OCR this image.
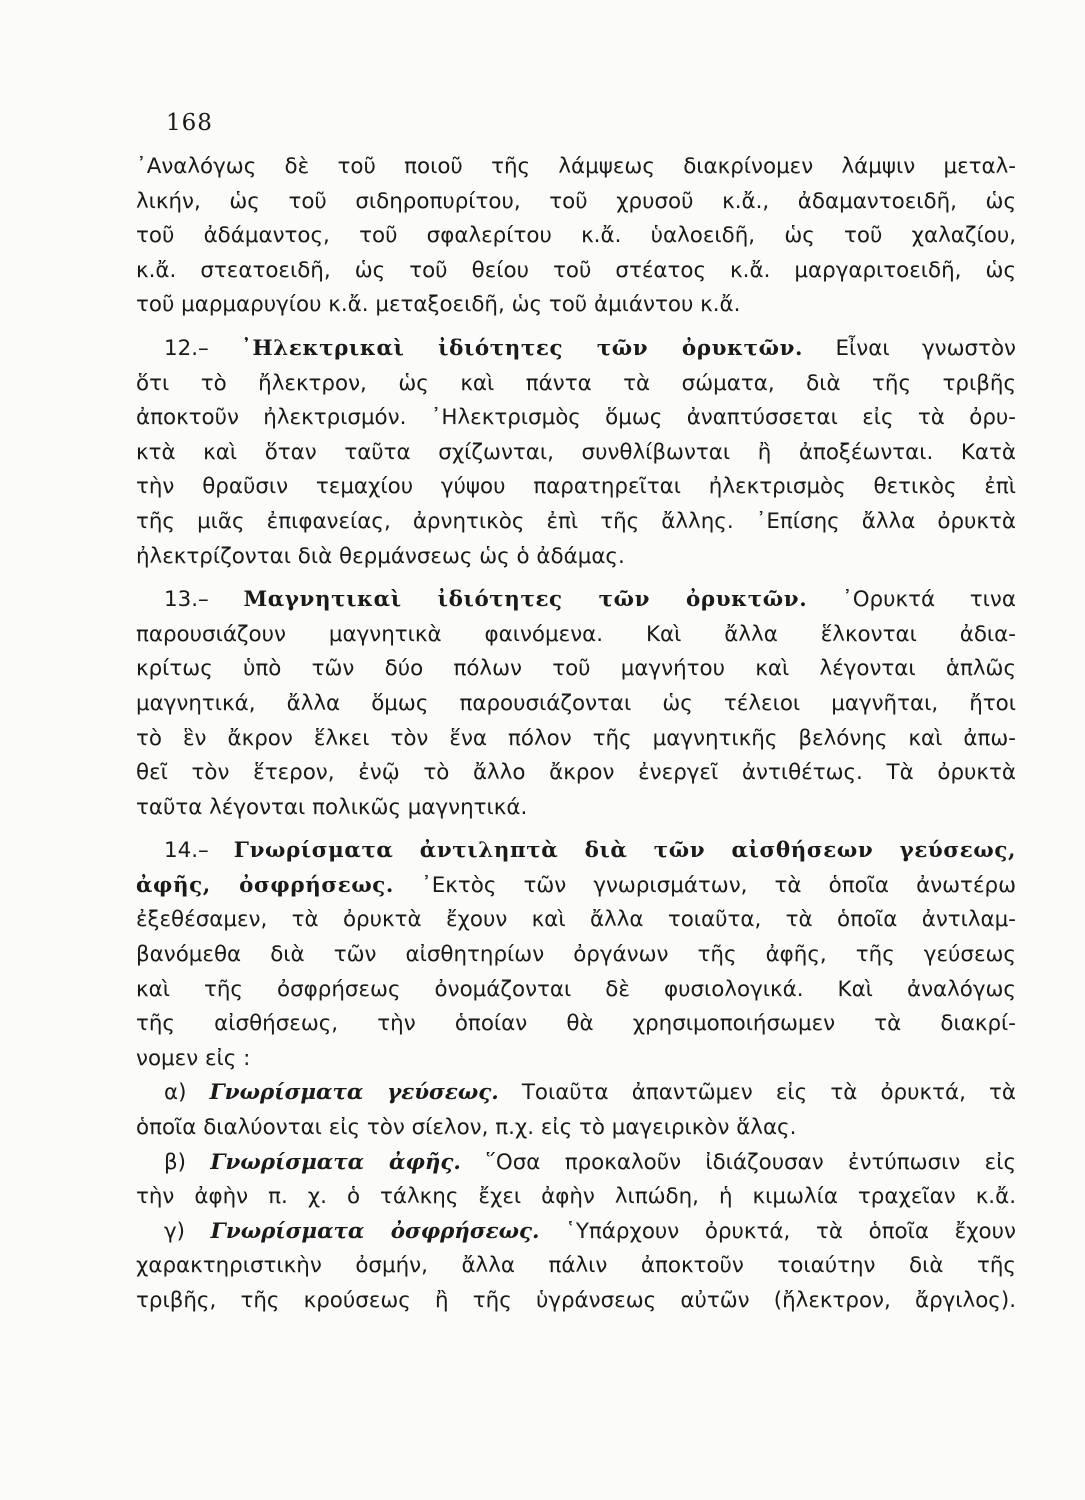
168
᾿Αναλόγως δὲ τοῦ ποιοῦ τῆς λάμψεως διακρίνομεν λάμψιν μεταλ-
λικήν, ὡς τοῦ σιδηροπυρίτου, τοῦ χρυσοῦ κ.ἄ., ἀδαμαντοειδῆ, ὡς
τοῦ ἀδάμαντος, τοῦ σφαλερίτου κ.ἄ. ὑαλοειδῆ, ὡς τοῦ χαλαζίου,
κ.ἄ. στεατοειδῆ, ὡς τοῦ θείου τοῦ στέατος κ.ἄ. μαργαριτοειδῆ, ὡς
τοῦ μαρμαρυγίου κ.ἄ. μεταξοειδῆ, ὡς τοῦ ἀμιάντου κ.ἄ.
12.– ᾿Ηλεκτρικαὶ ἰδιότητες τῶν ὀρυκτῶν. Εἶναι γνωστὸν
ὅτι τὸ ἤλεκτρον, ὡς καὶ πάντα τὰ σώματα, διὰ τῆς τριβῆς
ἀποκτοῦν ἠλεκτρισμόν. ᾿Ηλεκτρισμὸς ὅμως ἀναπτύσσεται εἰς τὰ ὀρυ-
κτὰ καὶ ὅταν ταῦτα σχίζωνται, συνθλίβωνται ἢ ἀποξέωνται. Κατὰ
τὴν θραῦσιν τεμαχίου γύψου παρατηρεῖται ἠλεκτρισμὸς θετικὸς ἐπὶ
τῆς μιᾶς ἐπιφανείας, ἀρνητικὸς ἐπὶ τῆς ἄλλης. ᾿Επίσης ἄλλα ὀρυκτὰ
ἠλεκτρίζονται διὰ θερμάνσεως ὡς ὁ ἀδάμας.
13.– Μαγνητικαὶ ἰδιότητες τῶν ὀρυκτῶν. ᾿Ορυκτά τινα
παρουσιάζουν μαγνητικὰ φαινόμενα. Καὶ ἄλλα ἕλκονται ἀδια-
κρίτως ὑπὸ τῶν δύο πόλων τοῦ μαγνήτου καὶ λέγονται ἁπλῶς
μαγνητικά, ἄλλα ὅμως παρουσιάζονται ὡς τέλειοι μαγνῆται, ἤτοι
τὸ ἓν ἄκρον ἕλκει τὸν ἕνα πόλον τῆς μαγνητικῆς βελόνης καὶ ἀπω-
θεῖ τὸν ἕτερον, ἐνῷ τὸ ἄλλο ἄκρον ἐνεργεῖ ἀντιθέτως. Τὰ ὀρυκτὰ
ταῦτα λέγονται πολικῶς μαγνητικά.
14.– Γνωρίσματα ἀντιληπτὰ διὰ τῶν αἰσθήσεων γεύσεως,
ἀφῆς, ὀσφρήσεως. ᾿Εκτὸς τῶν γνωρισμάτων, τὰ ὁποῖα ἀνωτέρω
ἐξεθέσαμεν, τὰ ὀρυκτὰ ἔχουν καὶ ἄλλα τοιαῦτα, τὰ ὁποῖα ἀντιλαμ-
βανόμεθα διὰ τῶν αἰσθητηρίων ὀργάνων τῆς ἀφῆς, τῆς γεύσεως
καὶ τῆς ὀσφρήσεως ὀνομάζονται δὲ φυσιολογικά. Καὶ ἀναλόγως
τῆς αἰσθήσεως, τὴν ὁποίαν θὰ χρησιμοποιήσωμεν τὰ διακρί-
νομεν εἰς :
α) Γνωρίσματα γεύσεως. Τοιαῦτα ἀπαντῶμεν εἰς τὰ ὀρυκτά, τὰ
ὁποῖα διαλύονται εἰς τὸν σίελον, π.χ. εἰς τὸ μαγειρικὸν ἅλας.
β) Γνωρίσματα ἀφῆς. ῞Οσα προκαλοῦν ἰδιάζουσαν ἐντύπωσιν εἰς
τὴν ἀφὴν π. χ. ὁ τάλκης ἔχει ἀφὴν λιπώδη, ἡ κιμωλία τραχεῖαν κ.ἄ.
γ) Γνωρίσματα ὀσφρήσεως. ῾Υπάρχουν ὀρυκτά, τὰ ὁποῖα ἔχουν
χαρακτηριστικὴν ὀσμήν, ἄλλα πάλιν ἀποκτοῦν τοιαύτην διὰ τῆς
τριβῆς, τῆς κρούσεως ἢ τῆς ὑγράνσεως αὐτῶν (ἤλεκτρον, ἄργιλος).
